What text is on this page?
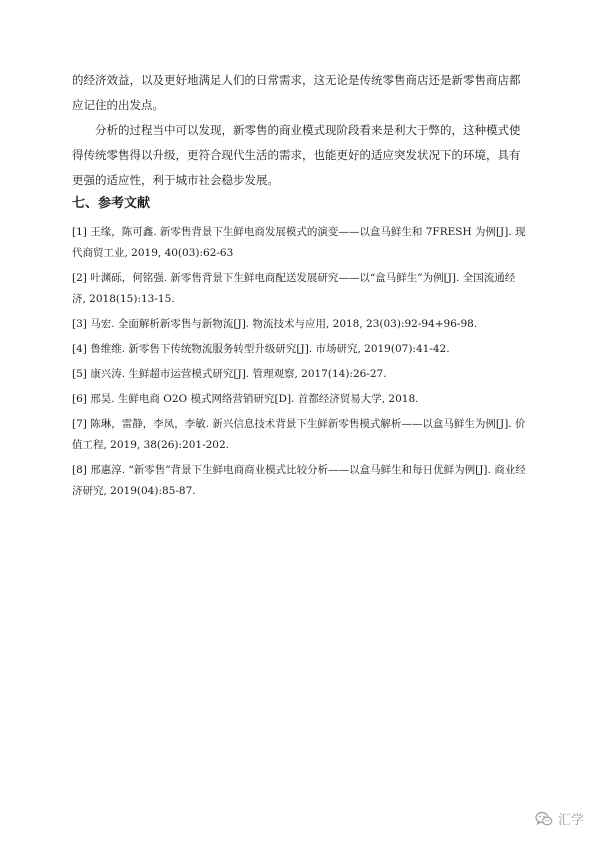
的经济效益，以及更好地满足人们的日常需求，这无论是传统零售商店还是新零售商店都应记住的出发点。

分析的过程当中可以发现，新零售的商业模式现阶段看来是利大于弊的，这种模式使得传统零售得以升级，更符合现代生活的需求，也能更好的适应突发状况下的环境，具有更强的适应性，利于城市社会稳步发展。

七、参考文献
[1] 王缘，陈可鑫. 新零售背景下生鲜电商发展模式的演变——以盒马鲜生和 7FRESH 为例[J]. 现代商贸工业, 2019, 40(03):62-63
[2] 叶渊砾，何铭强. 新零售背景下生鲜电商配送发展研究——以“盒马鲜生”为例[J]. 全国流通经济, 2018(15):13-15.
[3] 马宏. 全面解析新零售与新物流[J]. 物流技术与应用, 2018, 23(03):92-94+96-98.
[4] 鲁维维. 新零售下传统物流服务转型升级研究[J]. 市场研究, 2019(07):41-42.
[5] 康兴涛. 生鲜超市运营模式研究[J]. 管理观察, 2017(14):26-27.
[6] 邢昊. 生鲜电商 O2O 模式网络营销研究[D]. 首都经济贸易大学, 2018.
[7] 陈琳，雷静，李凤，李敏. 新兴信息技术背景下生鲜新零售模式解析——以盒马鲜生为例[J]. 价值工程, 2019, 38(26):201-202.
[8] 邢惠淳. “新零售”背景下生鲜电商商业模式比较分析——以盒马鲜生和每日优鲜为例[J]. 商业经济研究, 2019(04):85-87.
汇学
